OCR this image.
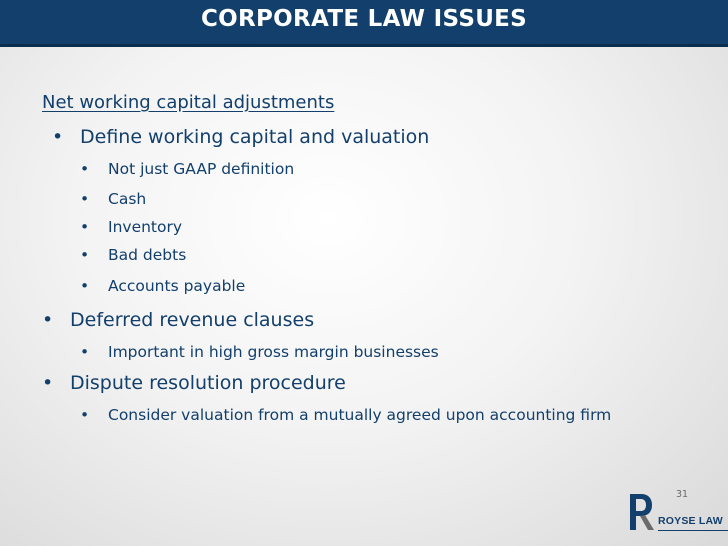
CORPORATE LAW ISSUES
Net working capital adjustments
• Define working capital and valuation
• Not just GAAP definition
• Cash
• Inventory
• Bad debts
• Accounts payable
• Deferred revenue clauses
• Important in high gross margin businesses
• Dispute resolution procedure
• Consider valuation from a mutually agreed upon accounting firm
31
ROYSE LAW
